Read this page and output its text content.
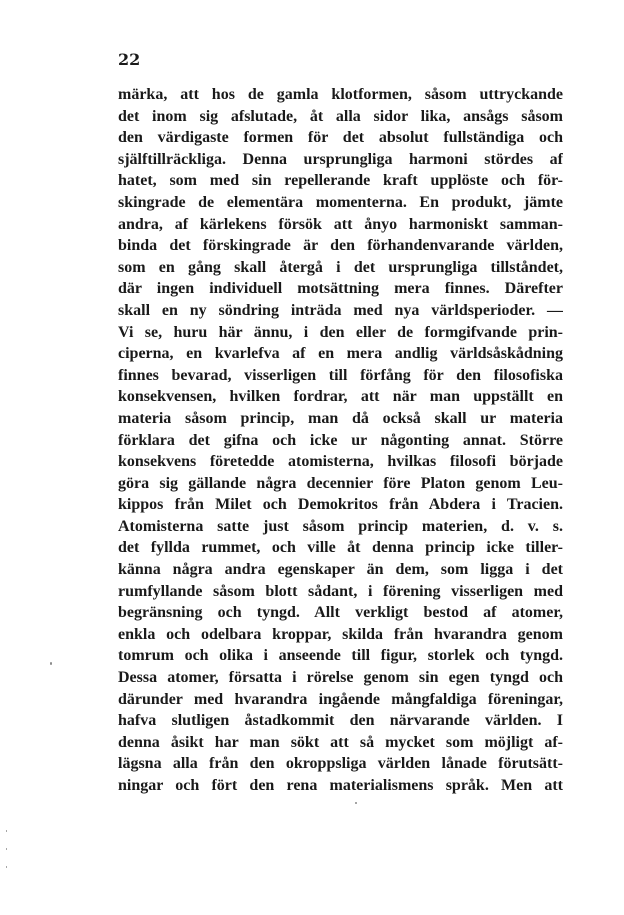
22

märka, att hos de gamla klotformen, såsom uttryckande
det inom sig afslutade, åt alla sidor lika, ansågs såsom
den värdigaste formen för det absolut fullständiga och
själftillräckliga. Denna ursprungliga harmoni stördes af
hatet, som med sin repellerande kraft upplöste och för-
skingrade de elementära momenterna. En produkt, jämte
andra, af kärlekens försök att ånyo harmoniskt samman-
binda det förskingrade är den förhandenvarande världen,
som en gång skall återgå i det ursprungliga tillståndet,
där ingen individuell motsättning mera finnes. Därefter
skall en ny söndring inträda med nya världsperioder. —
Vi se, huru här ännu, i den eller de formgifvande prin-
ciperna, en kvarlefva af en mera andlig världsåskådning
finnes bevarad, visserligen till förfång för den filosofiska
konsekvensen, hvilken fordrar, att när man uppställt en
materia såsom princip, man då också skall ur materia
förklara det gifna och icke ur någonting annat. Större
konsekvens företedde atomisterna, hvilkas filosofi började
göra sig gällande några decennier före Platon genom Leu-
kippos från Milet och Demokritos från Abdera i Tracien.
Atomisterna satte just såsom princip materien, d. v. s.
det fyllda rummet, och ville åt denna princip icke tiller-
känna några andra egenskaper än dem, som ligga i det
rumfyllande såsom blott sådant, i förening visserligen med
begränsning och tyngd. Allt verkligt bestod af atomer,
enkla och odelbara kroppar, skilda från hvarandra genom
tomrum och olika i anseende till figur, storlek och tyngd.
Dessa atomer, försatta i rörelse genom sin egen tyngd och
därunder med hvarandra ingående mångfaldiga föreningar,
hafva slutligen åstadkommit den närvarande världen. I
denna åsikt har man sökt att så mycket som möjligt af-
lägsna alla från den okroppsliga världen lånade förutsätt-
ningar och fört den rena materialismens språk. Men att
